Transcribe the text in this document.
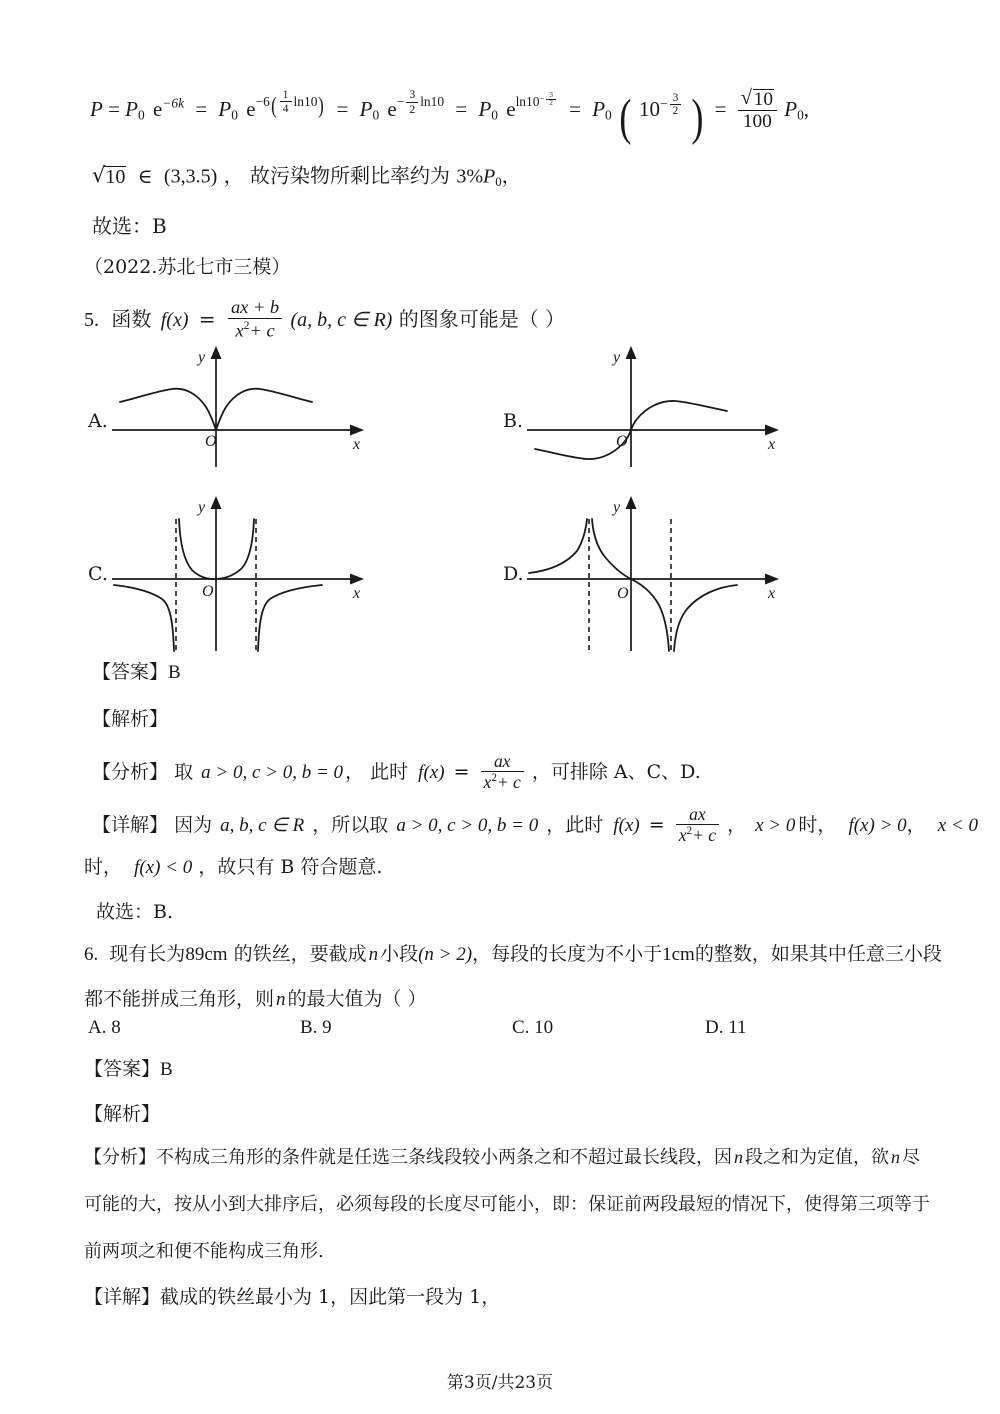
$P = P_0$ $e^{-6k} = P_0$ $e^{-6( \frac{1}{4} ln10)} = P_0$ $e^{- \frac{3}{2} ln10} = P_0$ $e^{ln10^{- \frac{3}{2}}} = P_0$ ( $10^{- \frac{3}{2}}$ ) = √ $\frac{10}{100} P_0$,
√ 10 ∈ (3,3.5) ， 故污染物所剩比率约为 $3\%P_0$，
故选：B
（2022.苏北七市三模）
5. 函数 $f(x) = \frac{ax + b}{x^2+ c} (a$, b, c ∈ R) 的图象可能是（ ）
A.
O
y
x
B.
O
y
x
C.
O
y
x
D.
O
y
x
【答案】B
【解析】
【分析】 取 a > 0, c > 0, b = 0 ， 此时 $f(x) = \frac{ax}{x^2+ c}$ ，可排除 A、C、D.
【详解】 因为 a, b, c ∈ R ，所以取 a > 0, c > 0, b = 0 ，此时 $f(x) = \frac{ax}{x^2+ c}$ ， x > 0 时， f(x) > 0， x < 0
时， f(x) < 0 ，故只有 B 符合题意.
故选：B.
6. 现有长为89cm 的铁丝，要截成 n 小段(n > 2)，每段的长度为不小于1cm的整数，如果其中任意三小段
都不能拼成三角形，则 n 的最大值为（ ）
A. 8	B. 9	C. 10	D. 11
【答案】B
【解析】
【分析】不构成三角形的条件就是任选三条线段较小两条之和不超过最长线段，因 n 段之和为定值，欲 n 尽
可能的大，按从小到大排序后，必须每段的长度尽可能小，即：保证前两段最短的情况下，使得第三项等于
前两项之和便不能构成三角形.
【详解】截成的铁丝最小为 1，因此第一段为 1，
第3页/共23页
